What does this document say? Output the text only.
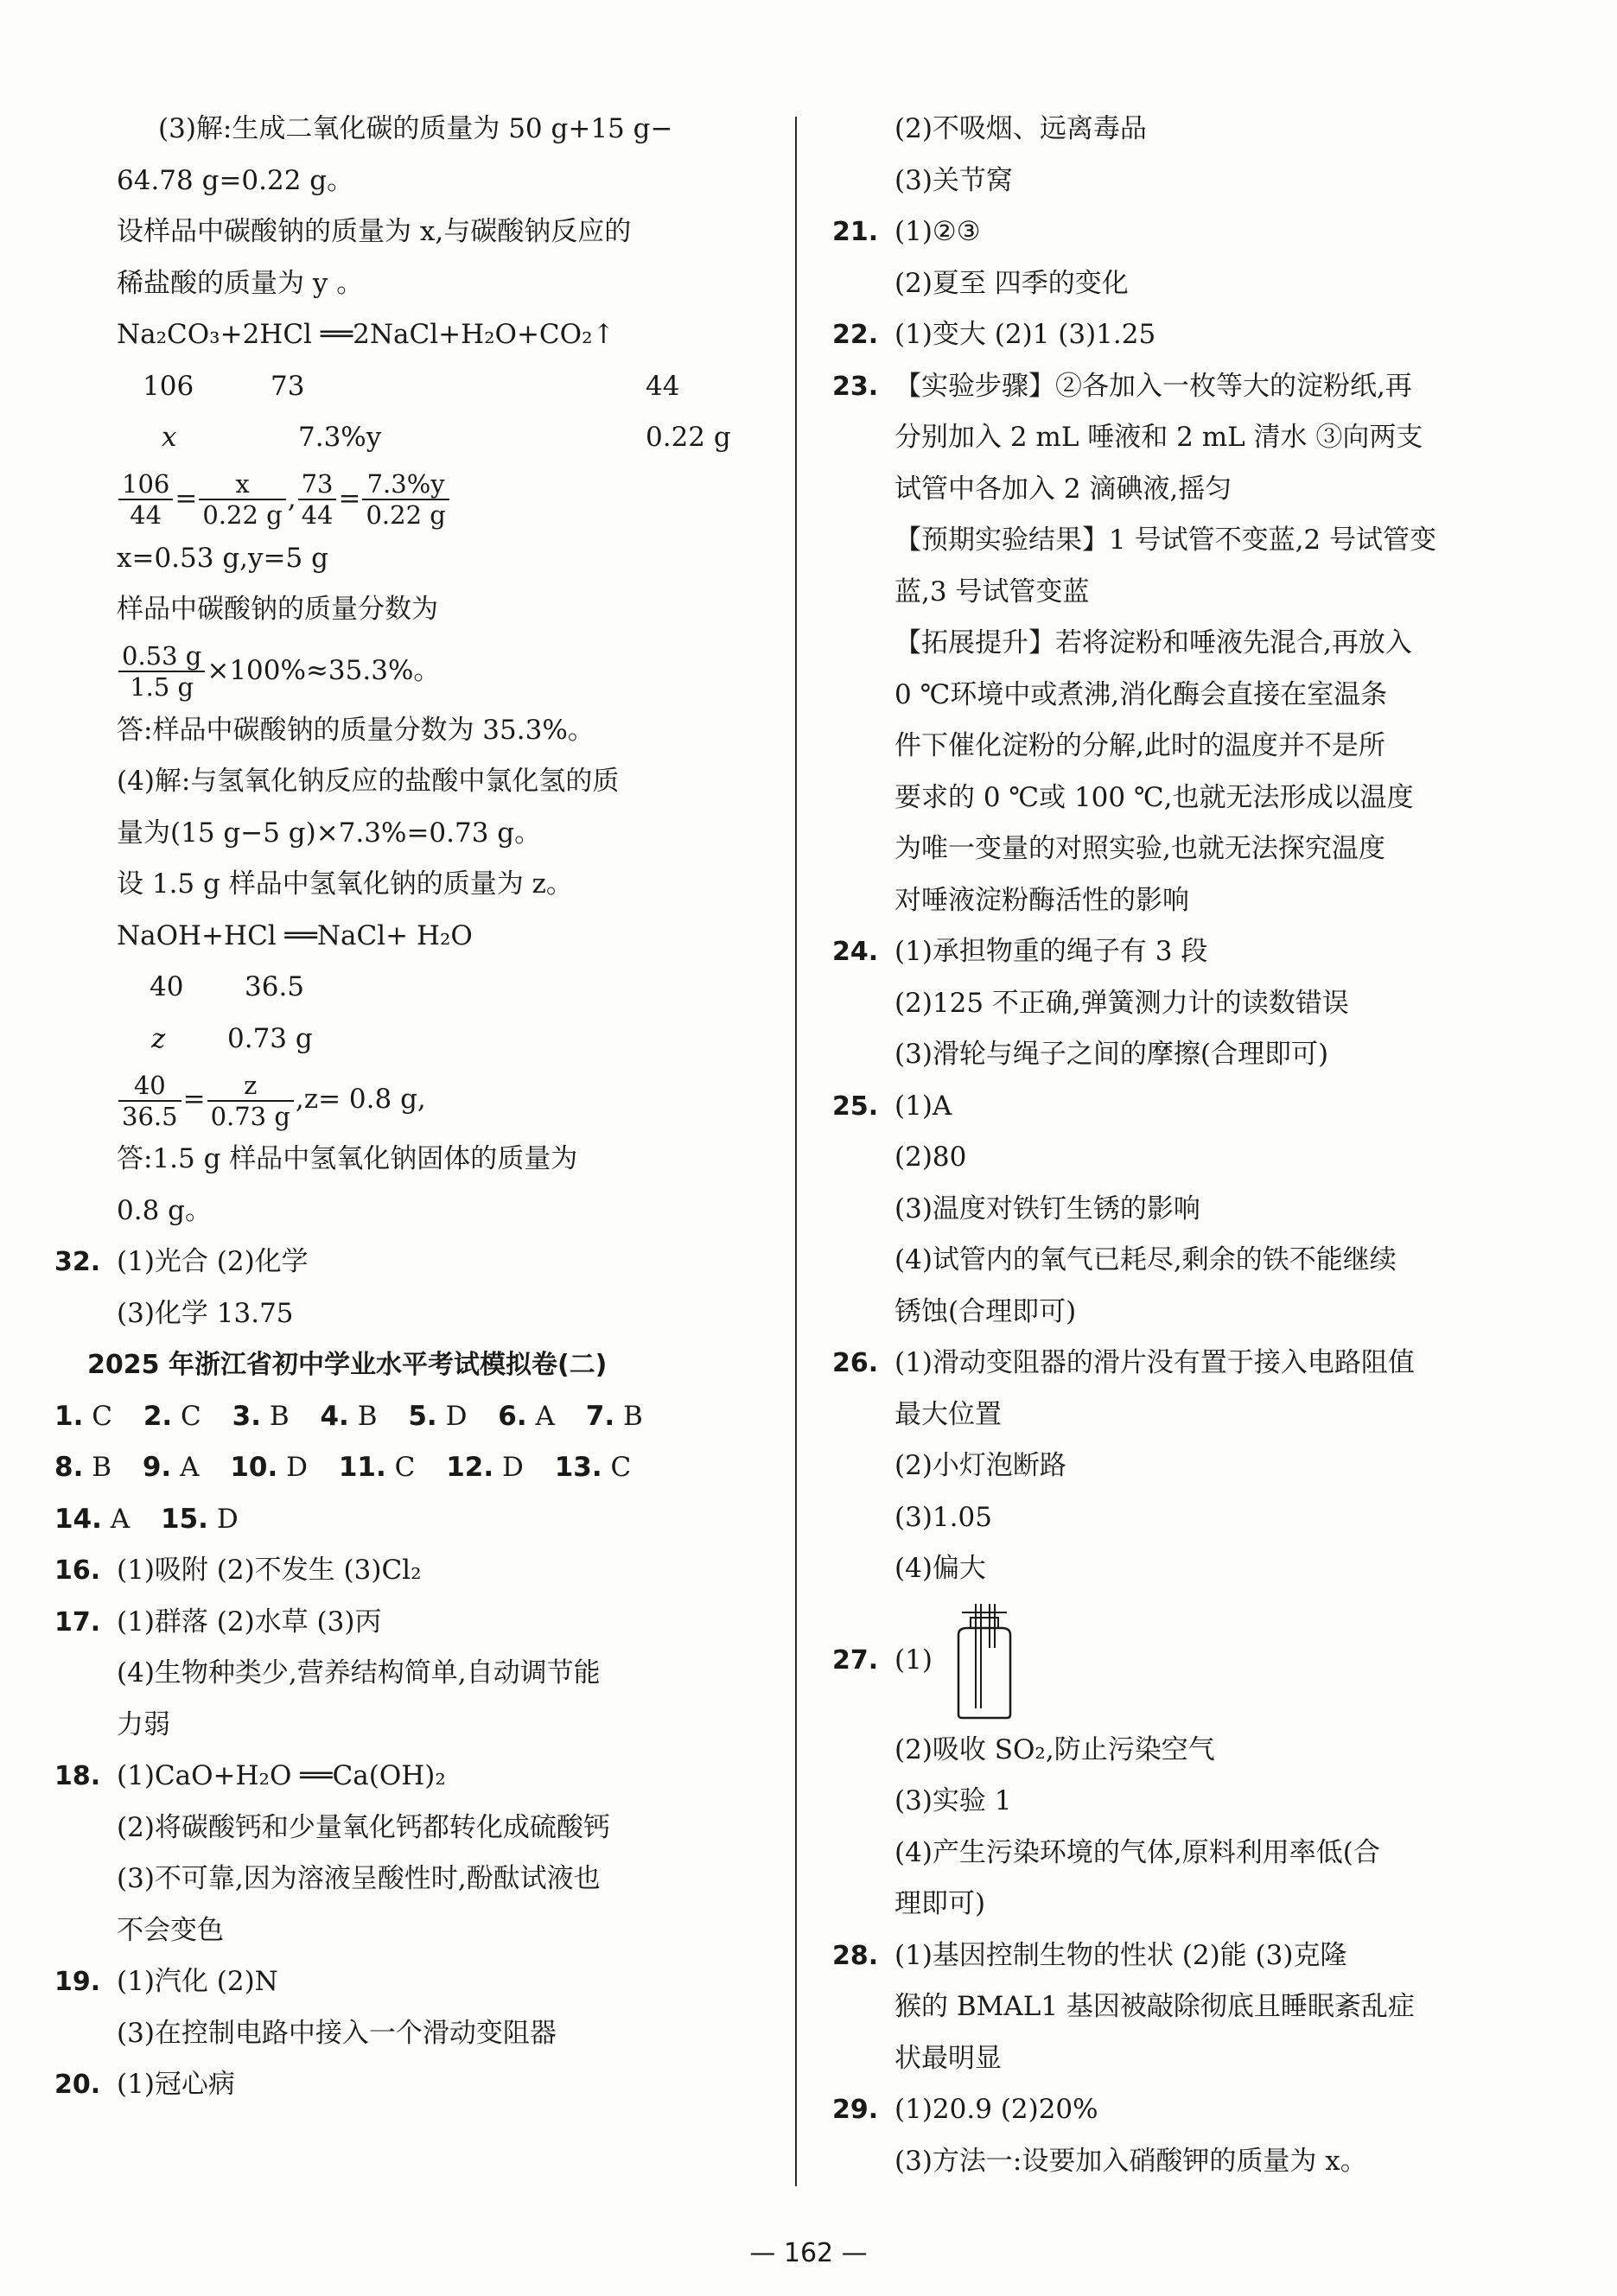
(3)解:生成二氧化碳的质量为 50 g+15 g−
64.78 g=0.22 g。
设样品中碳酸钠的质量为 x,与碳酸钠反应的
稀盐酸的质量为 y 。
Na₂CO₃+2HCl ══2NaCl+H₂O+CO₂↑
106	73	44
x	7.3%y	0.22 g
$\frac{106}{44} = \frac{x}{0.22 g}$ , $\frac{73}{44} = \frac{7.3\%y}{0.22 g}$
x=0.53 g,y=5 g
样品中碳酸钠的质量分数为
$\frac{0.53 g}{1.5 g} \times 100\%\approx 35.3\%$。
答:样品中碳酸钠的质量分数为 35.3%。
(4)解:与氢氧化钠反应的盐酸中氯化氢的质
量为(15 g−5 g)×7.3%=0.73 g。
设 1.5 g 样品中氢氧化钠的质量为 z。
NaOH+HCl ══NaCl+ H₂O
40 36.5
z 0.73 g
$\frac{40}{36.5} = \frac{z}{0.73 g} ,z= 0.8$ g,
答:1.5 g 样品中氢氧化钠固体的质量为
0.8 g。
32. (1)光合 (2)化学
(3)化学 13.75
2025 年浙江省初中学业水平考试模拟卷(二)
1. C 2. C 3. B 4. B 5. D 6. A 7. B
8. B 9. A 10. D 11. C 12. D 13. C
14. A 15. D
16. (1)吸附 (2)不发生 (3)Cl₂
17. (1)群落 (2)水草 (3)丙
(4)生物种类少,营养结构简单,自动调节能
力弱
18. (1)CaO+H₂O ══Ca(OH)₂
(2)将碳酸钙和少量氧化钙都转化成硫酸钙
(3)不可靠,因为溶液呈酸性时,酚酞试液也
不会变色
19. (1)汽化 (2)N
(3)在控制电路中接入一个滑动变阻器
20. (1)冠心病
(2)不吸烟、远离毒品
(3)关节窝
21. (1)②③
(2)夏至 四季的变化
22. (1)变大 (2)1 (3)1.25
23. 【实验步骤】②各加入一枚等大的淀粉纸,再
分别加入 2 mL 唾液和 2 mL 清水 ③向两支
试管中各加入 2 滴碘液,摇匀
【预期实验结果】1 号试管不变蓝,2 号试管变
蓝,3 号试管变蓝
【拓展提升】若将淀粉和唾液先混合,再放入
0 ℃环境中或煮沸,消化酶会直接在室温条
件下催化淀粉的分解,此时的温度并不是所
要求的 0 ℃或 100 ℃,也就无法形成以温度
为唯一变量的对照实验,也就无法探究温度
对唾液淀粉酶活性的影响
24. (1)承担物重的绳子有 3 段
(2)125 不正确,弹簧测力计的读数错误
(3)滑轮与绳子之间的摩擦(合理即可)
25. (1)A
(2)80
(3)温度对铁钉生锈的影响
(4)试管内的氧气已耗尽,剩余的铁不能继续
锈蚀(合理即可)
26. (1)滑动变阻器的滑片没有置于接入电路阻值
最大位置
(2)小灯泡断路
(3)1.05
(4)偏大
27. (1)
(2)吸收 SO₂,防止污染空气
(3)实验 1
(4)产生污染环境的气体,原料利用率低(合
理即可)
28. (1)基因控制生物的性状 (2)能 (3)克隆
猴的 BMAL1 基因被敲除彻底且睡眠紊乱症
状最明显
29. (1)20.9 (2)20%
(3)方法一:设要加入硝酸钾的质量为 x。
— 162 —
